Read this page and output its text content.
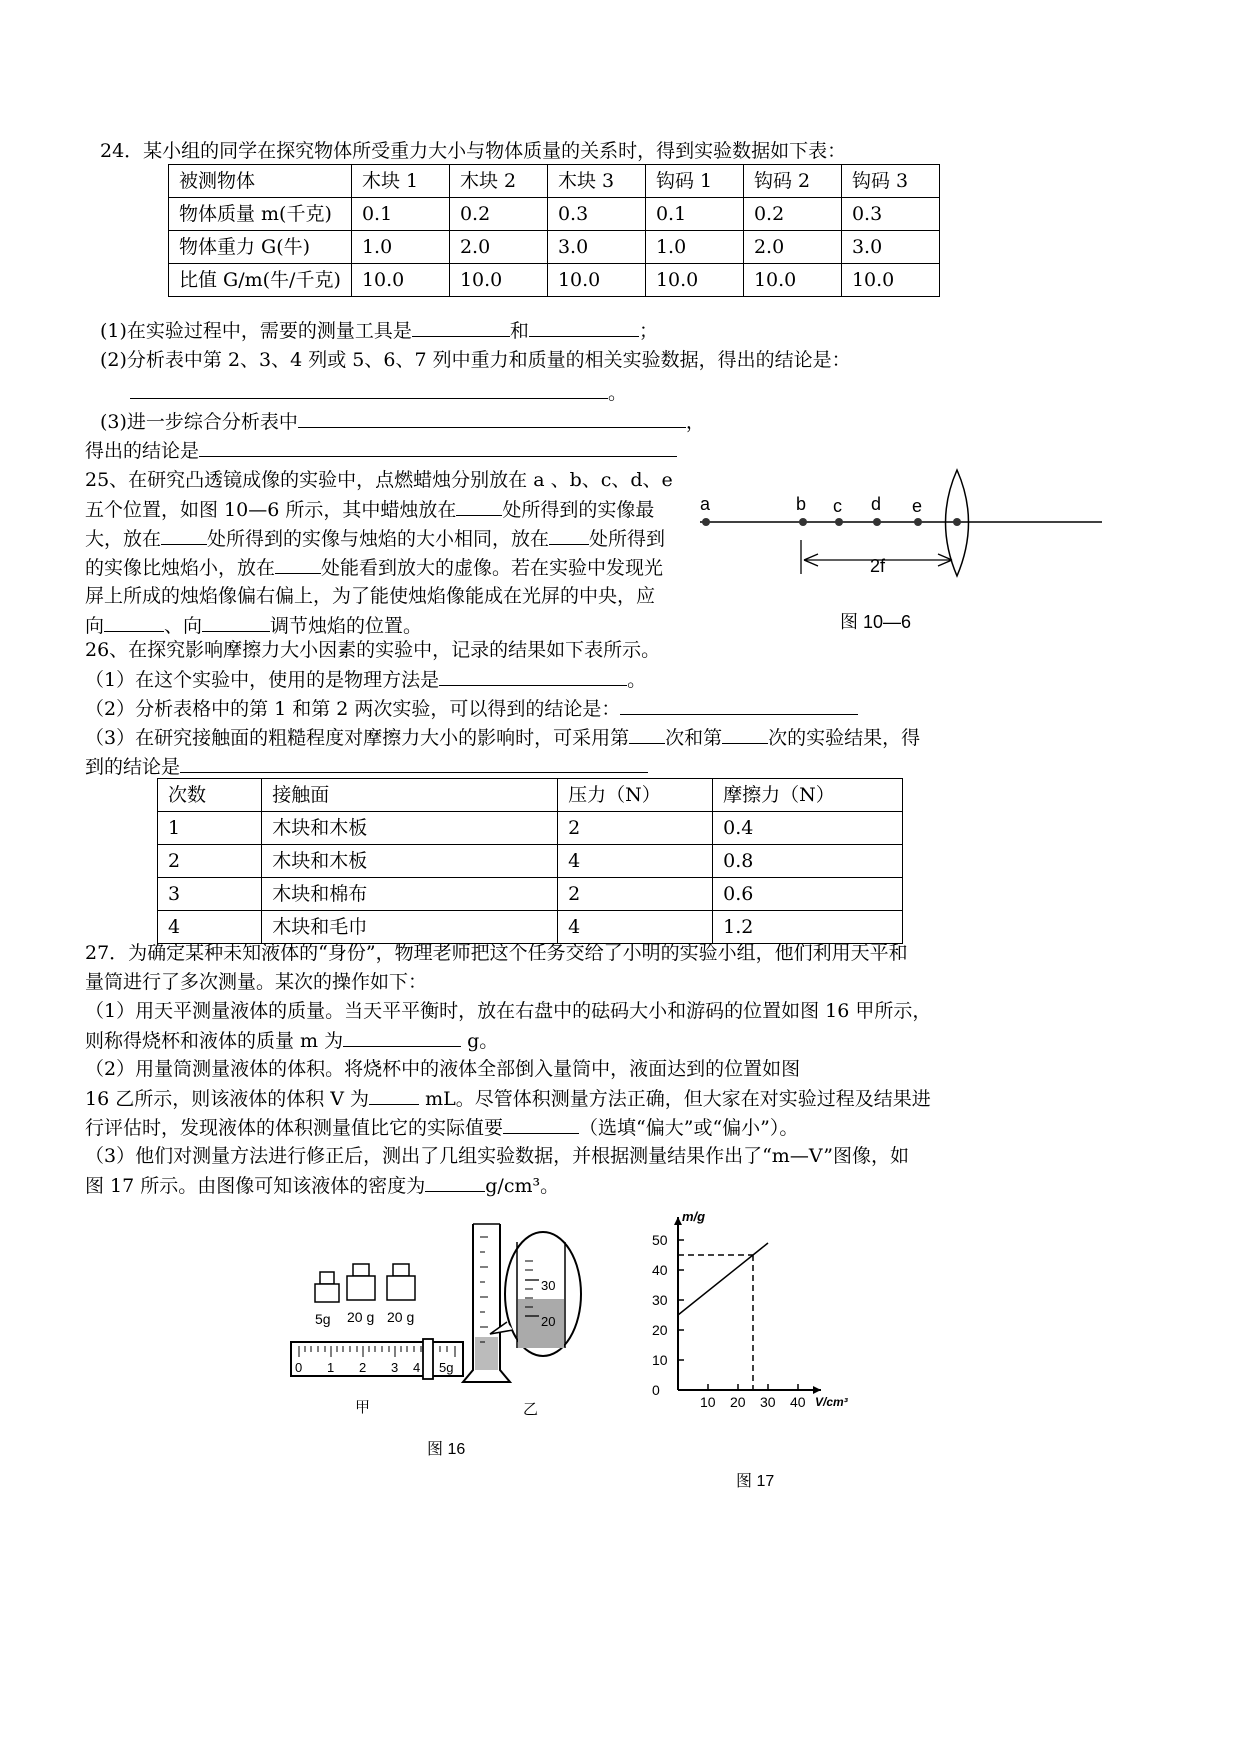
24．某小组的同学在探究物体所受重力大小与物体质量的关系时，得到实验数据如下表：
被测物体	木块 1	木块 2	木块 3	钩码 1	钩码 2	钩码 3
物体质量 m(千克)	0.1	0.2	0.3	0.1	0.2	0.3
物体重力 G(牛)	1.0	2.0	3.0	1.0	2.0	3.0
比值 G/m(牛/千克)	10.0	10.0	10.0	10.0	10.0	10.0
(1)在实验过程中，需要的测量工具是	和	；
(2)分析表中第 2、3、4 列或 5、6、7 列中重力和质量的相关实验数据，得出的结论是：
。
(3)进一步综合分析表中	，
得出的结论是
25、在研究凸透镜成像的实验中，点燃蜡烛分别放在 a 、b、c、d、e
五个位置，如图 10—6 所示，其中蜡烛放在 处所得到的实像最
大，放在 处所得到的实像与烛焰的大小相同，放在 处所得到
的实像比烛焰小，放在 处能看到放大的虚像。若在实验中发现光
屏上所成的烛焰像偏右偏上，为了能使烛焰像能成在光屏的中央，应
向	、向	调节烛焰的位置。
a	b c d e
2f
图 10—6
26、在探究影响摩擦力大小因素的实验中，记录的结果如下表所示。
（1）在这个实验中，使用的是物理方法是	。
（2）分析表格中的第 1 和第 2 两次实验，可以得到的结论是：
（3）在研究接触面的粗糙程度对摩擦力大小的影响时，可采用第 次和第 次的实验结果，得
到的结论是
次数	接触面	压力（N）	摩擦力（N）
1	木块和木板	2	0.4
2	木块和木板	4	0.8
3	木块和棉布	2	0.6
4	木块和毛巾	4	1.2
27．为确定某种未知液体的“身份”，物理老师把这个任务交给了小明的实验小组，他们利用天平和
量筒进行了多次测量。某次的操作如下：
（1）用天平测量液体的质量。当天平平衡时，放在右盘中的砝码大小和游码的位置如图 16 甲所示，
则称得烧杯和液体的质量 m 为	g。
（2）用量筒测量液体的体积。将烧杯中的液体全部倒入量筒中，液面达到的位置如图
16 乙所示，则该液体的体积 V 为	mL。尽管体积测量方法正确，但大家在对实验过程及结果进
行评估时，发现液体的体积测量值比它的实际值要	（选填“偏大”或“偏小”）。
（3）他们对测量方法进行修正后，测出了几组实验数据，并根据测量结果作出了“m—V”图像，如
图 17 所示。由图像可知该液体的密度为	g/cm³。
5g 20 g 20 g
0 1 2 3 4 5g
甲	乙
30
20
图 16
0
10
20
30
40
50
10 20 30 40
m/g
V/cm³
图 17
